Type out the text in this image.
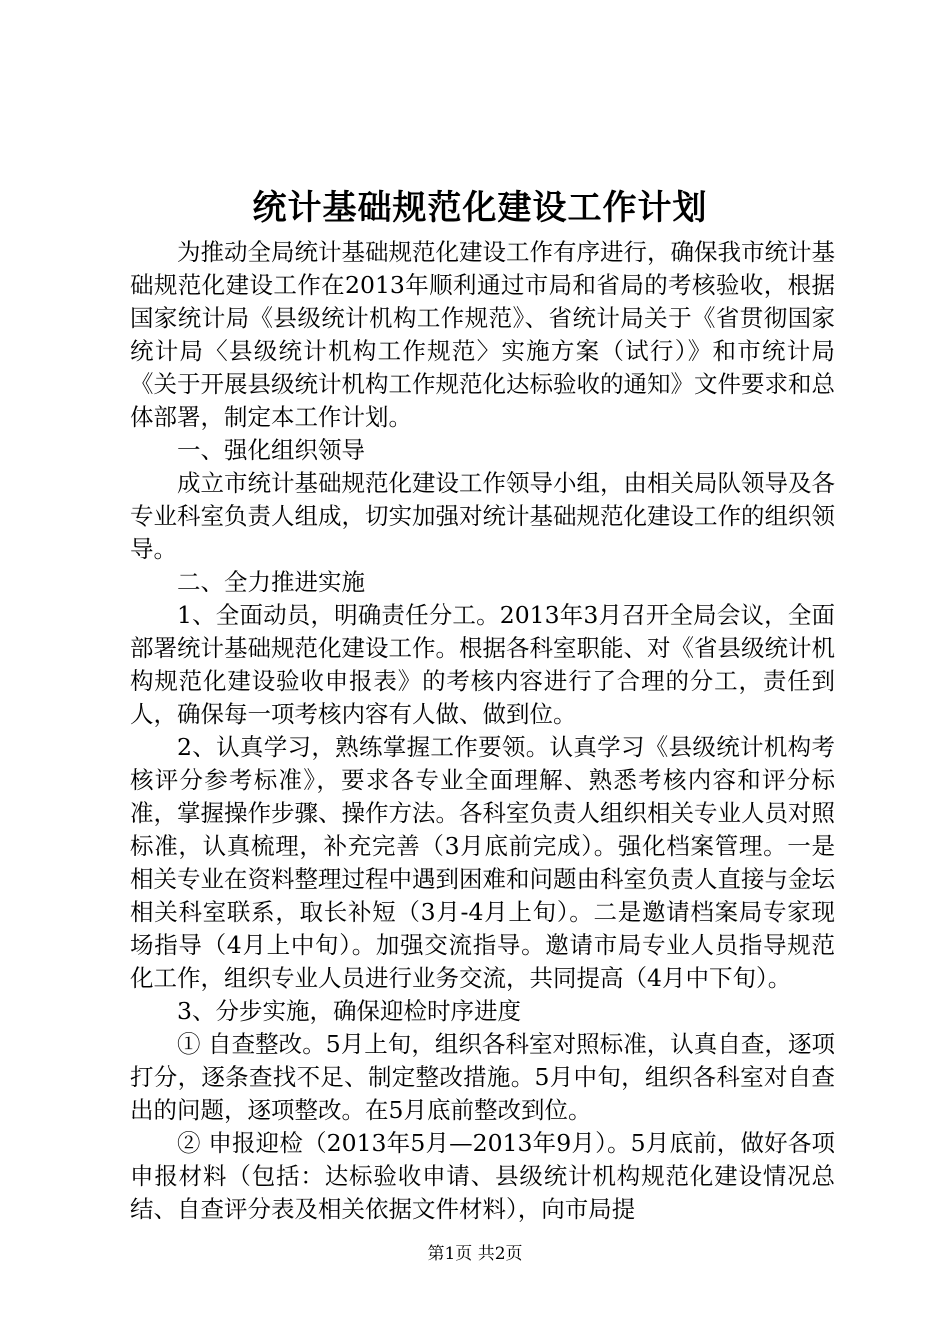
统计基础规范化建设工作计划

为推动全局统计基础规范化建设工作有序进行，确保我市统计基础规范化建设工作在2013年顺利通过市局和省局的考核验收，根据国家统计局《县级统计机构工作规范》、省统计局关于《省贯彻国家统计局〈县级统计机构工作规范〉实施方案（试行）》和市统计局《关于开展县级统计机构工作规范化达标验收的通知》文件要求和总体部署，制定本工作计划。

一、强化组织领导

成立市统计基础规范化建设工作领导小组，由相关局队领导及各专业科室负责人组成，切实加强对统计基础规范化建设工作的组织领导。

二、全力推进实施

1、全面动员，明确责任分工。2013年3月召开全局会议，全面部署统计基础规范化建设工作。根据各科室职能、对《省县级统计机构规范化建设验收申报表》的考核内容进行了合理的分工，责任到人，确保每一项考核内容有人做、做到位。

2、认真学习，熟练掌握工作要领。认真学习《县级统计机构考核评分参考标准》，要求各专业全面理解、熟悉考核内容和评分标准，掌握操作步骤、操作方法。各科室负责人组织相关专业人员对照标准，认真梳理，补充完善（3月底前完成）。强化档案管理。一是相关专业在资料整理过程中遇到困难和问题由科室负责人直接与金坛相关科室联系，取长补短（3月-4月上旬）。二是邀请档案局专家现场指导（4月上中旬）。加强交流指导。邀请市局专业人员指导规范化工作，组织专业人员进行业务交流，共同提高（4月中下旬）。

3、分步实施，确保迎检时序进度

① 自查整改。5月上旬，组织各科室对照标准，认真自查，逐项打分，逐条查找不足、制定整改措施。5月中旬，组织各科室对自查出的问题，逐项整改。在5月底前整改到位。

② 申报迎检（2013年5月—2013年9月）。5月底前，做好各项申报材料（包括：达标验收申请、县级统计机构规范化建设情况总结、自查评分表及相关依据文件材料），向市局提

第1页 共2页
